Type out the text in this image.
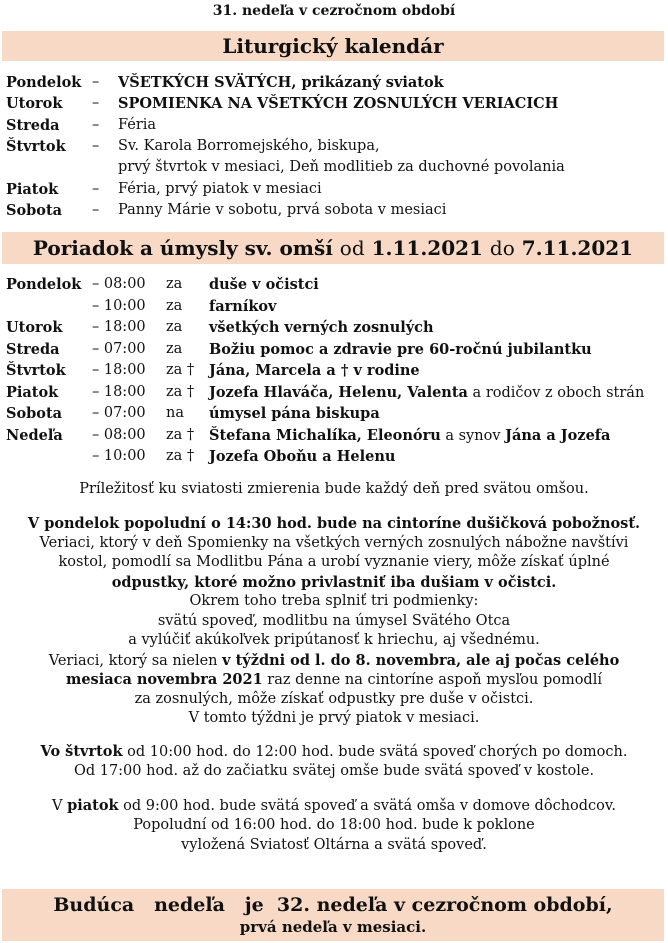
31. nedeľa v cezročnom období
Liturgický kalendár
Pondelok – VŠETKÝCH SVÄTÝCH, prikázaný sviatok
Utorok – SPOMIENKA NA VŠETKÝCH ZOSNULÝCH VERIACICH
Streda – Féria
Štvrtok – Sv. Karola Borromejského, biskupa,
prvý štvrtok v mesiaci, Deň modlitieb za duchovné povolania
Piatok – Féria, prvý piatok v mesiaci
Sobota – Panny Márie v sobotu, prvá sobota v mesiaci
Poriadok a úmysly sv. omší od 1.11.2021 do 7.11.2021
Pondelok – 08:00 za duše v očistci
– 10:00 za farníkov
Utorok – 18:00 za všetkých verných zosnulých
Streda – 07:00 za Božiu pomoc a zdravie pre 60-ročnú jubilantku
Štvrtok – 18:00 za † Jána, Marcela a † v rodine
Piatok – 18:00 za † Jozefa Hlaváča, Helenu, Valenta a rodičov z oboch strán
Sobota – 07:00 na úmysel pána biskupa
Nedeľa – 08:00 za † Štefana Michalíka, Eleonóru a synov Jána a Jozefa
– 10:00 za † Jozefa Oboňu a Helenu
Príležitosť ku sviatosti zmierenia bude každý deň pred svätou omšou.
V pondelok popoludní o 14:30 hod. bude na cintoríne dušičková pobožnosť.
Veriaci, ktorý v deň Spomienky na všetkých verných zosnulých nábožne navštívi
kostol, pomodlí sa Modlitbu Pána a urobí vyznanie viery, môže získať úplné
odpustky, ktoré možno privlastniť iba dušiam v očistci.
Okrem toho treba splniť tri podmienky:
svätú spoveď, modlitbu na úmysel Svätého Otca
a vylúčiť akúkoľvek pripútanosť k hriechu, aj všednému.
Veriaci, ktorý sa nielen v týždni od l. do 8. novembra, ale aj počas celého
mesiaca novembra 2021 raz denne na cintoríne aspoň mysľou pomodlí
za zosnulých, môže získať odpustky pre duše v očistci.
V tomto týždni je prvý piatok v mesiaci.
Vo štvrtok od 10:00 hod. do 12:00 hod. bude svätá spoveď chorých po domoch.
Od 17:00 hod. až do začiatku svätej omše bude svätá spoveď v kostole.
V piatok od 9:00 hod. bude svätá spoveď a svätá omša v domove dôchodcov.
Popoludní od 16:00 hod. do 18:00 hod. bude k poklone
vyložená Sviatosť Oltárna a svätá spoveď.
Budúca   nedeľa   je  32. nedeľa v cezročnom období,
prvá nedeľa v mesiaci.
